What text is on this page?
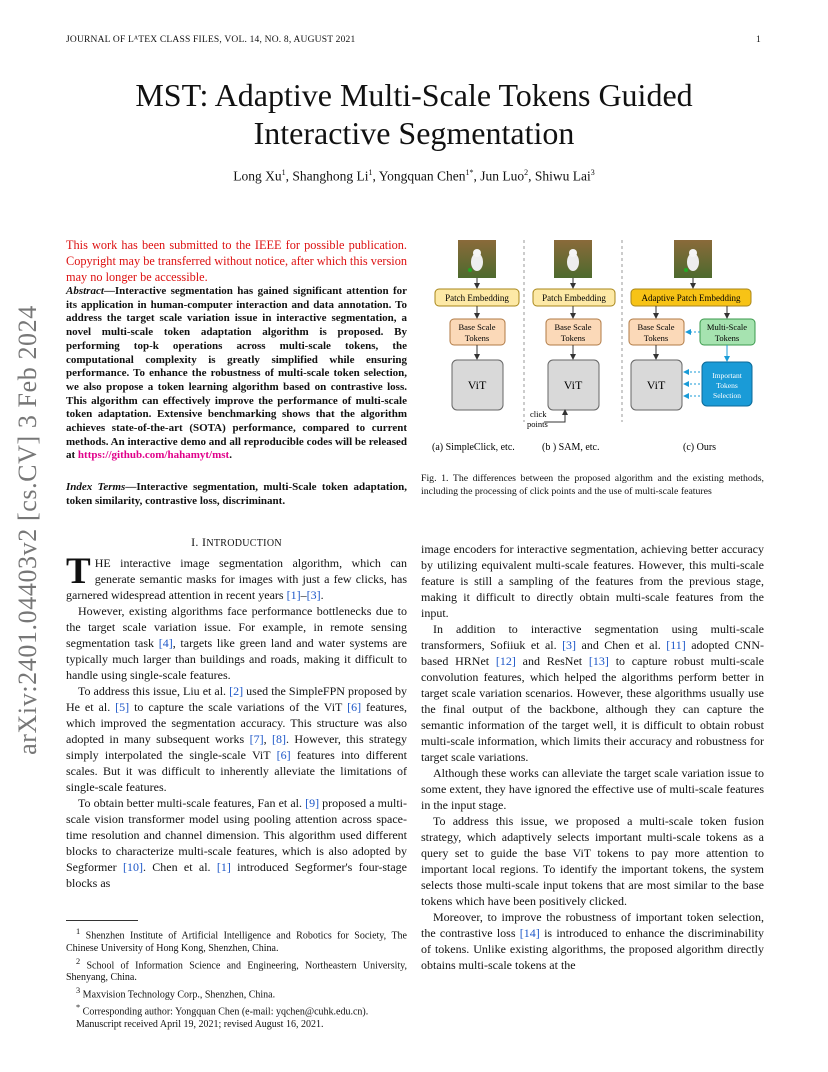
JOURNAL OF LᴬTEX CLASS FILES, VOL. 14, NO. 8, AUGUST 2021	1
MST: Adaptive Multi-Scale Tokens Guided
Interactive Segmentation
Long Xu$^1$, Shanghong Li$^1$, Yongquan Chen$^{1*}$, Jun Luo$^2$, Shiwu Lai$^3$
arXiv:2401.04403v2 [cs.CV] 3 Feb 2024
This work has been submitted to the IEEE for possible publication. Copyright may be transferred without notice, after which this version may no longer be accessible.
Abstract—Interactive segmentation has gained significant attention for its application in human-computer interaction and data annotation. To address the target scale variation issue in interactive segmentation, a novel multi-scale token adaptation algorithm is proposed. By performing top-k operations across multi-scale tokens, the computational complexity is greatly simplified while ensuring performance. To enhance the robustness of multi-scale token selection, we also propose a token learning algorithm based on contrastive loss. This algorithm can effectively improve the performance of multi-scale token adaptation. Extensive benchmarking shows that the algorithm achieves state-of-the-art (SOTA) performance, compared to current methods. An interactive demo and all reproducible codes will be released at https://github.com/hahamyt/mst.
Index Terms—Interactive segmentation, multi-Scale token adaptation, token similarity, contrastive loss, discriminant.
I. INTRODUCTION

THE interactive image segmentation algorithm, which can generate semantic masks for images with just a few clicks, has garnered widespread attention in recent years [1]–[3].

However, existing algorithms face performance bottlenecks due to the target scale variation issue. For example, in remote sensing segmentation task [4], targets like green land and water systems are typically much larger than buildings and roads, making it difficult to handle using single-scale features.

To address this issue, Liu et al. [2] used the SimpleFPN proposed by He et al. [5] to capture the scale variations of the ViT [6] features, which improved the segmentation accuracy. This structure was also adopted in many subsequent works [7], [8]. However, this strategy simply interpolated the single-scale ViT [6] features into different scales. But it was difficult to inherently alleviate the limitations of single-scale features.

To obtain better multi-scale features, Fan et al. [9] proposed a multi-scale vision transformer model using pooling attention across space-time resolution and channel dimension. This algorithm used different blocks to characterize multi-scale features, which is also adopted by Segformer [10]. Chen et al. [1] introduced Segformer's four-stage blocks as

$^1$ Shenzhen Institute of Artificial Intelligence and Robotics for Society, The Chinese University of Hong Kong, Shenzhen, China.
$^2$ School of Information Science and Engineering, Northeastern University, Shenyang, China.
$^3$ Maxvision Technology Corp., Shenzhen, China.
* Corresponding author: Yongquan Chen (e-mail: yqchen@cuhk.edu.cn).
Manuscript received April 19, 2021; revised August 16, 2021.
Patch Embedding	Patch Embedding	Adaptive Patch Embedding
Base Scale
Tokens
Base Scale
Tokens
Base Scale
Tokens
Multi-Scale
Tokens
ViT	ViT	ViT
Important
Tokens
Selection
click
points
(a) SimpleClick, etc.	(b ) SAM, etc.	(c) Ours
Fig. 1. The differences between the proposed algorithm and the existing methods, including the processing of click points and the use of multi-scale features

image encoders for interactive segmentation, achieving better accuracy by utilizing equivalent multi-scale features. However, this multi-scale feature is still a sampling of the features from the previous stage, making it difficult to directly obtain multi-scale features from the input.

In addition to interactive segmentation using multi-scale transformers, Sofiiuk et al. [3] and Chen et al. [11] adopted CNN-based HRNet [12] and ResNet [13] to capture robust multi-scale convolution features, which helped the algorithms perform better in target scale variation scenarios. However, these algorithms usually use the final output of the backbone, although they can capture the semantic information of the target well, it is difficult to obtain robust multi-scale information, which limits their accuracy and robustness for target scale variations.

Although these works can alleviate the target scale variation issue to some extent, they have ignored the effective use of multi-scale features in the input stage.

To address this issue, we proposed a multi-scale token fusion strategy, which adaptively selects important multi-scale tokens as a query set to guide the base ViT tokens to pay more attention to important local regions. To identify the important tokens, the system selects those multi-scale input tokens that are most similar to the base tokens which have been positively clicked.

Moreover, to improve the robustness of important token selection, the contrastive loss [14] is introduced to enhance the discriminability of tokens. Unlike existing algorithms, the proposed algorithm directly obtains multi-scale tokens at the
